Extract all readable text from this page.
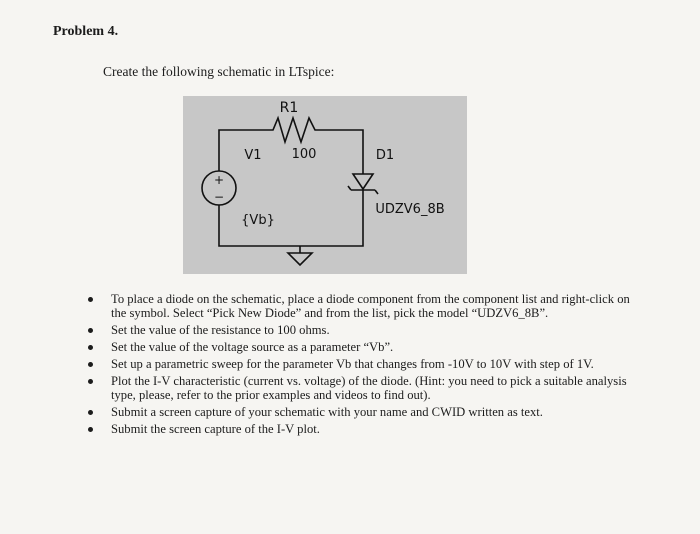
Problem 4.
Create the following schematic in LTspice:
R1
100
V1
+
−
{Vb}
D1
UDZV6_8B
To place a diode on the schematic, place a diode component from the component list and right-click on the symbol. Select “Pick New Diode” and from the list, pick the model “UDZV6_8B”.
Set the value of the resistance to 100 ohms.
Set the value of the voltage source as a parameter “Vb”.
Set up a parametric sweep for the parameter Vb that changes from -10V to 10V with step of 1V.
Plot the I-V characteristic (current vs. voltage) of the diode. (Hint: you need to pick a suitable analysis type, please, refer to the prior examples and videos to find out).
Submit a screen capture of your schematic with your name and CWID written as text.
Submit the screen capture of the I-V plot.
